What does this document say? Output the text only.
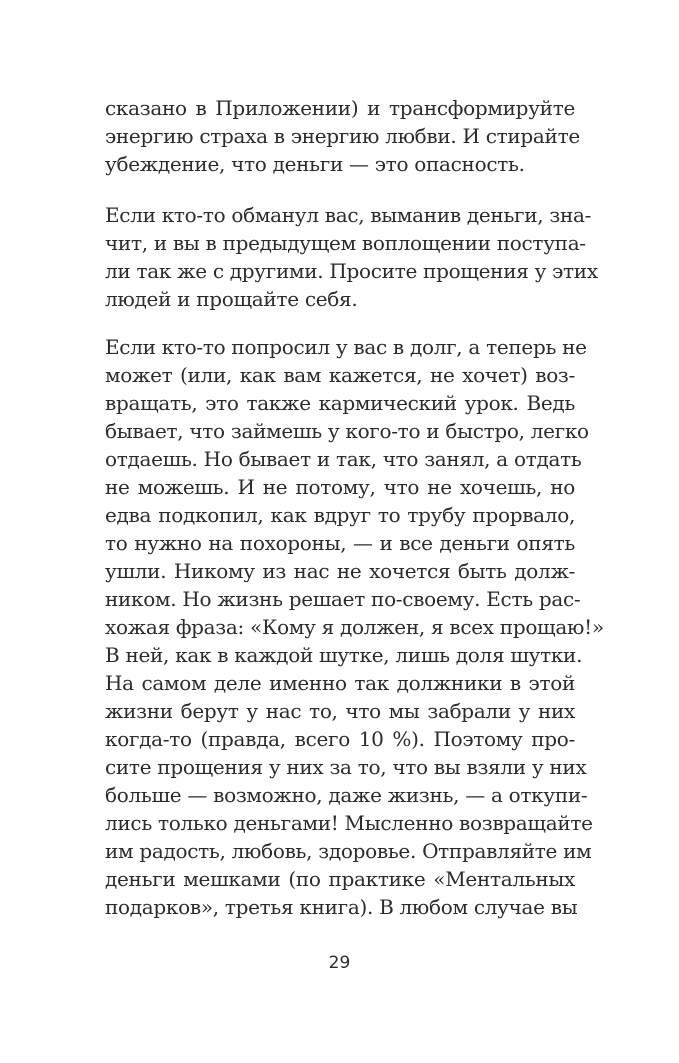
сказано в Приложении) и трансформируйте
энергию страха в энергию любви. И стирайте
убеждение, что деньги — это опасность.
Если кто-то обманул вас, выманив деньги, зна-
чит, и вы в предыдущем воплощении поступа-
ли так же с другими. Просите прощения у этих
людей и прощайте себя.
Если кто-то попросил у вас в долг, а теперь не
может (или, как вам кажется, не хочет) воз-
вращать, это также кармический урок. Ведь
бывает, что займешь у кого-то и быстро, легко
отдаешь. Но бывает и так, что занял, а отдать
не можешь. И не потому, что не хочешь, но
едва подкопил, как вдруг то трубу прорвало,
то нужно на похороны, — и все деньги опять
ушли. Никому из нас не хочется быть долж-
ником. Но жизнь решает по-своему. Есть рас-
хожая фраза: «Кому я должен, я всех прощаю!»
В ней, как в каждой шутке, лишь доля шутки.
На самом деле именно так должники в этой
жизни берут у нас то, что мы забрали у них
когда-то (правда, всего 10 %). Поэтому про-
сите прощения у них за то, что вы взяли у них
больше — возможно, даже жизнь, — а откупи-
лись только деньгами! Мысленно возвращайте
им радость, любовь, здоровье. Отправляйте им
деньги мешками (по практике «Ментальных
подарков», третья книга). В любом случае вы
29
